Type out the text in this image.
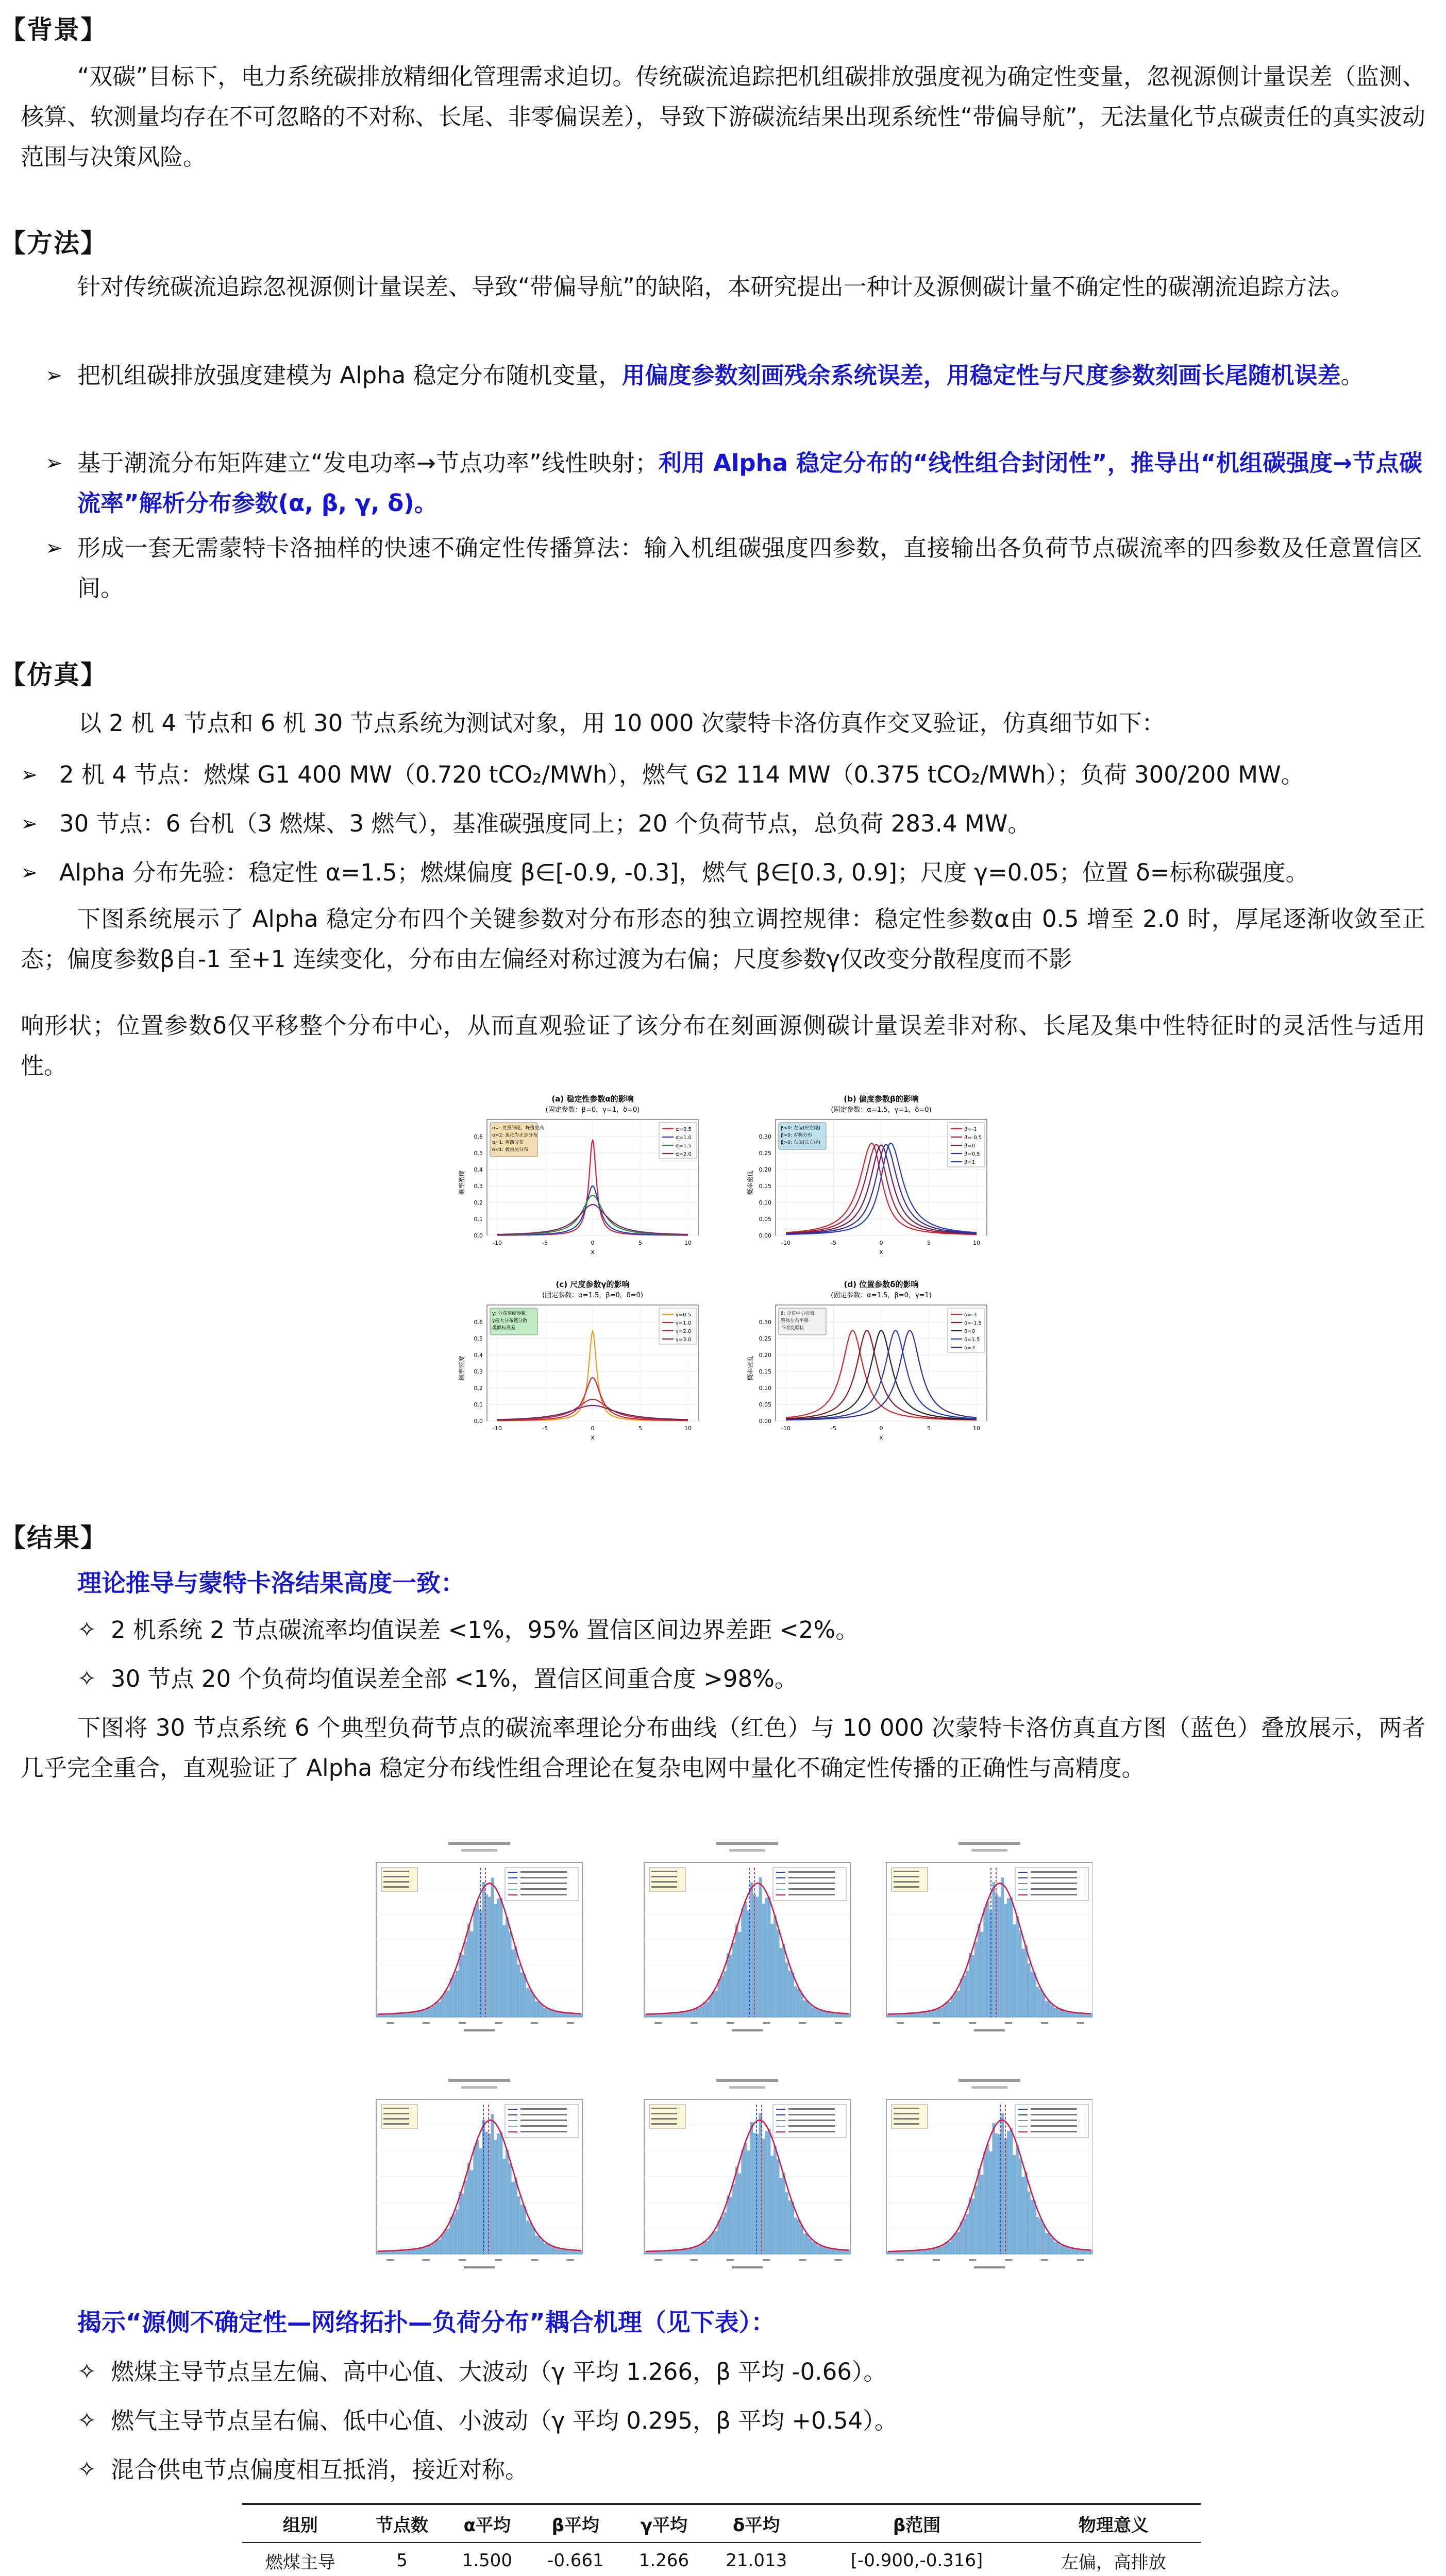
【背景】
“双碳”目标下，电力系统碳排放精细化管理需求迫切。传统碳流追踪把机组碳排放强度视为确定性变量，忽视源侧计量误差（监测、核算、软测量均存在不可忽略的不对称、长尾、非零偏误差），导致下游碳流结果出现系统性“带偏导航”，无法量化节点碳责任的真实波动范围与决策风险。
【方法】
针对传统碳流追踪忽视源侧计量误差、导致“带偏导航”的缺陷，本研究提出一种计及源侧碳计量不确定性的碳潮流追踪方法。
➢ 把机组碳排放强度建模为 Alpha 稳定分布随机变量，用偏度参数刻画残余系统误差，用稳定性与尺度参数刻画长尾随机误差。
➢ 基于潮流分布矩阵建立“发电功率→节点功率”线性映射；利用 Alpha 稳定分布的“线性组合封闭性”，推导出“机组碳强度→节点碳流率”解析分布参数(α, β, γ, δ)。
➢ 形成一套无需蒙特卡洛抽样的快速不确定性传播算法：输入机组碳强度四参数，直接输出各负荷节点碳流率的四参数及任意置信区间。
【仿真】
以 2 机 4 节点和 6 机 30 节点系统为测试对象，用 10 000 次蒙特卡洛仿真作交叉验证，仿真细节如下：
➢ 2 机 4 节点：燃煤 G1 400 MW（0.720 tCO₂/MWh），燃气 G2 114 MW（0.375 tCO₂/MWh）；负荷 300/200 MW。
➢ 30 节点：6 台机（3 燃煤、3 燃气），基准碳强度同上；20 个负荷节点，总负荷 283.4 MW。
➢ Alpha 分布先验：稳定性 α=1.5；燃煤偏度 β∈[-0.9, -0.3]，燃气 β∈[0.3, 0.9]；尺度 γ=0.05；位置 δ=标称碳强度。
下图系统展示了 Alpha 稳定分布四个关键参数对分布形态的独立调控规律：稳定性参数α由 0.5 增至 2.0 时，厚尾逐渐收敛至正态；偏度参数β自-1 至+1 连续变化，分布由左偏经对称过渡为右偏；尺度参数γ仅改变分散程度而不影
响形状；位置参数δ仅平移整个分布中心，从而直观验证了该分布在刻画源侧碳计量误差非对称、长尾及集中性特征时的灵活性与适用性。
(a) 稳定性参数α的影响
(固定参数：β=0，γ=1，δ=0)
0.0
0.1
0.2
0.3
0.4
0.5
0.6
-10	-5	0	5	10
x
概率密度
α↓: 更重的尾，峰值更高
α=2: 退化为正态分布
α=1: 柯西分布
α<1: 极重尾分布
α=0.5
α=1.0
α=1.5
α=2.0
(b) 偏度参数β的影响
(固定参数：α=1.5，γ=1，δ=0)
0.00
0.05
0.10
0.15
0.20
0.25
0.30
-10	-5	0	5	10
x
概率密度
β<0: 左偏(长左尾)
β=0: 对称分布
β>0: 右偏(长右尾)
β=-1
β=-0.5
β=0
β=0.5
β=1
(c) 尺度参数γ的影响
(固定参数：α=1.5，β=0，δ=0)
0.0
0.1
0.2
0.3
0.4
0.5
0.6
-10	-5	0	5	10
x
概率密度
γ: 分布宽度参数
γ越大分布越分散
类似标准差
γ=0.5
γ=1.0
γ=2.0
γ=3.0
(d) 位置参数δ的影响
(固定参数：α=1.5，β=0，γ=1)
0.00
0.05
0.10
0.15
0.20
0.25
0.30
-10	-5	0	5	10
x
概率密度
δ: 分布中心位置
整体左右平移
不改变形状
δ=-3
δ=-1.5
δ=0
δ=1.5
δ=3
【结果】
理论推导与蒙特卡洛结果高度一致：
✧ 2 机系统 2 节点碳流率均值误差 <1%，95% 置信区间边界差距 <2%。
✧ 30 节点 20 个负荷均值误差全部 <1%，置信区间重合度 >98%。
下图将 30 节点系统 6 个典型负荷节点的碳流率理论分布曲线（红色）与 10 000 次蒙特卡洛仿真直方图（蓝色）叠放展示，两者几乎完全重合，直观验证了 Alpha 稳定分布线性组合理论在复杂电网中量化不确定性传播的正确性与高精度。
揭示“源侧不确定性—网络拓扑—负荷分布”耦合机理（见下表）：
✧ 燃煤主导节点呈左偏、高中心值、大波动（γ 平均 1.266，β 平均 -0.66）。
✧ 燃气主导节点呈右偏、低中心值、小波动（γ 平均 0.295，β 平均 +0.54）。
✧ 混合供电节点偏度相互抵消，接近对称。
组别	节点数	α平均	β平均	γ平均	δ平均	β范围	物理意义
燃煤主导	5	1.500	-0.661	1.266	21.013	[-0.900,-0.316]	左偏，高排放
